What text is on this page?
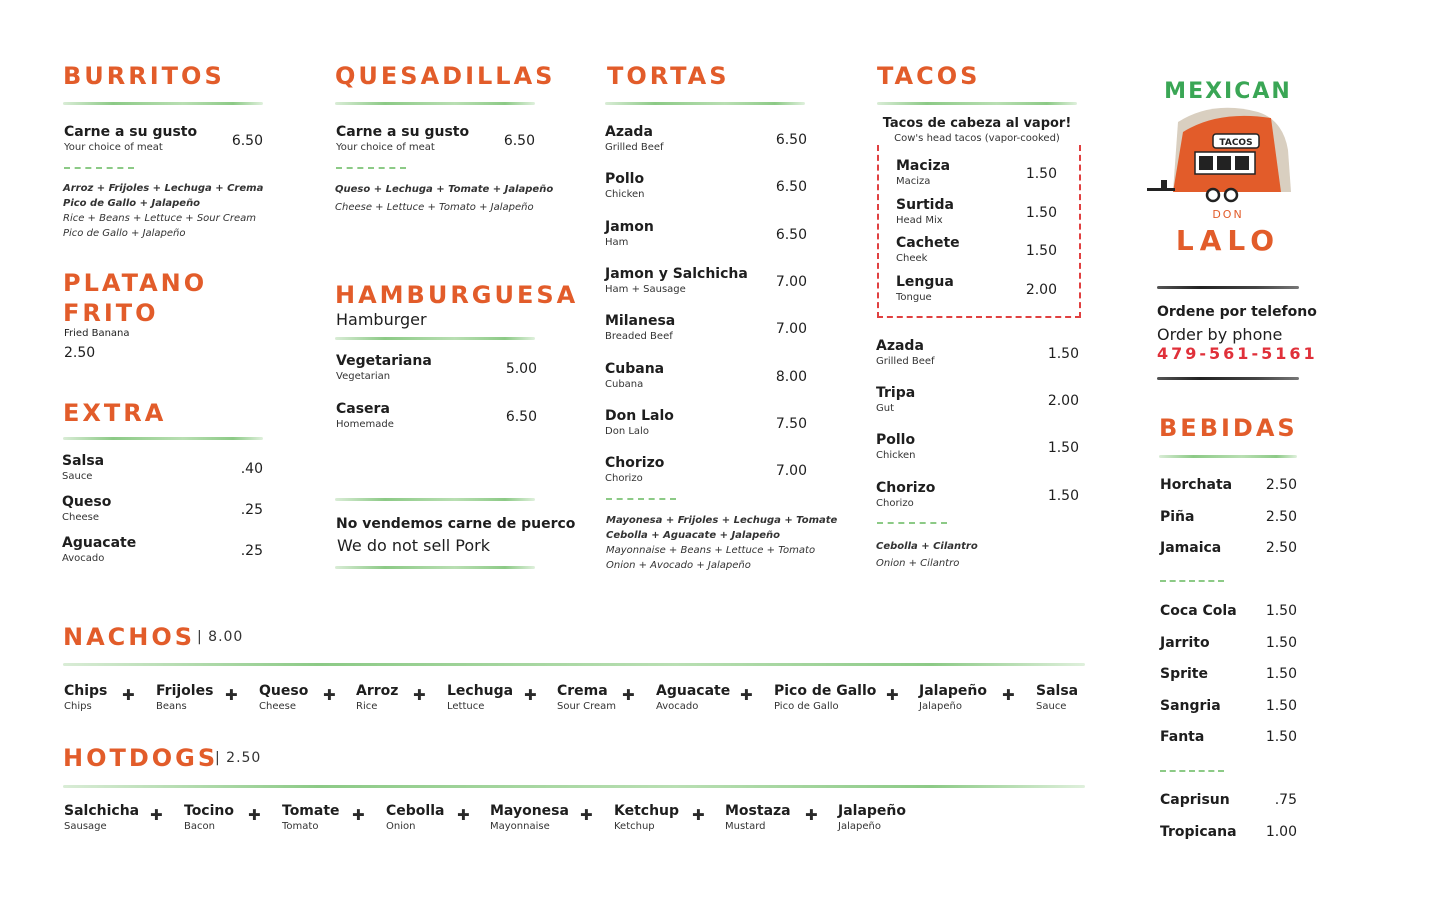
BURRITOS
Carne a su gusto
Your choice of meat	6.50
Arroz + Frijoles + Lechuga + Crema
Pico de Gallo + Jalapeño
Rice + Beans + Lettuce + Sour Cream
Pico de Gallo + Jalapeño
PLATANO
FRITO
Fried Banana
2.50
EXTRA
Salsa
Sauce	.40
Queso
Cheese	.25
Aguacate
Avocado	.25
QUESADILLAS
Carne a su gusto
Your choice of meat	6.50
Queso + Lechuga + Tomate + Jalapeño
Cheese + Lettuce + Tomato + Jalapeño
HAMBURGUESA
Hamburger
Vegetariana
Vegetarian	5.00
Casera
Homemade	6.50
No vendemos carne de puerco
We do not sell Pork
TORTAS
Azada
Grilled Beef	6.50
Pollo
Chicken	6.50
Jamon
Ham	6.50
Jamon y Salchicha
Ham + Sausage	7.00
Milanesa
Breaded Beef	7.00
Cubana
Cubana	8.00
Don Lalo
Don Lalo	7.50
Chorizo
Chorizo	7.00
Mayonesa + Frijoles + Lechuga + Tomate
Cebolla + Aguacate + Jalapeño
Mayonnaise + Beans + Lettuce + Tomato
Onion + Avocado + Jalapeño
TACOS
Tacos de cabeza al vapor!
Cow's head tacos (vapor-cooked)
Maciza
Maciza	1.50
Surtida
Head Mix	1.50
Cachete
Cheek	1.50
Lengua
Tongue	2.00
Azada
Grilled Beef	1.50
Tripa
Gut	2.00
Pollo
Chicken	1.50
Chorizo
Chorizo	1.50
Cebolla + Cilantro
Onion + Cilantro
MEXICAN
TACOS
DON
LALO
Ordene por telefono
Order by phone
479-561-5161
BEBIDAS
Horchata	2.50
Piña	2.50
Jamaica	2.50
Coca Cola	1.50
Jarrito	1.50
Sprite	1.50
Sangria	1.50
Fanta	1.50
Caprisun	.75
Tropicana	1.00
NACHOS | 8.00
Chips
Chips
Frijoles
Beans
Queso
Cheese
Arroz
Rice
Lechuga
Lettuce
Crema
Sour Cream
Aguacate
Avocado
Pico de Gallo
Pico de Gallo
Jalapeño
Jalapeño
Salsa
Sauce
✚	✚	✚	✚	✚	✚	✚	✚	✚
HOTDOGS
| 2.50
Salchicha
Sausage
Tocino
Bacon
Tomate
Tomato
Cebolla
Onion
Mayonesa
Mayonnaise
Ketchup
Ketchup
Mostaza
Mustard
Jalapeño
Jalapeño
✚	✚	✚	✚	✚	✚	✚
